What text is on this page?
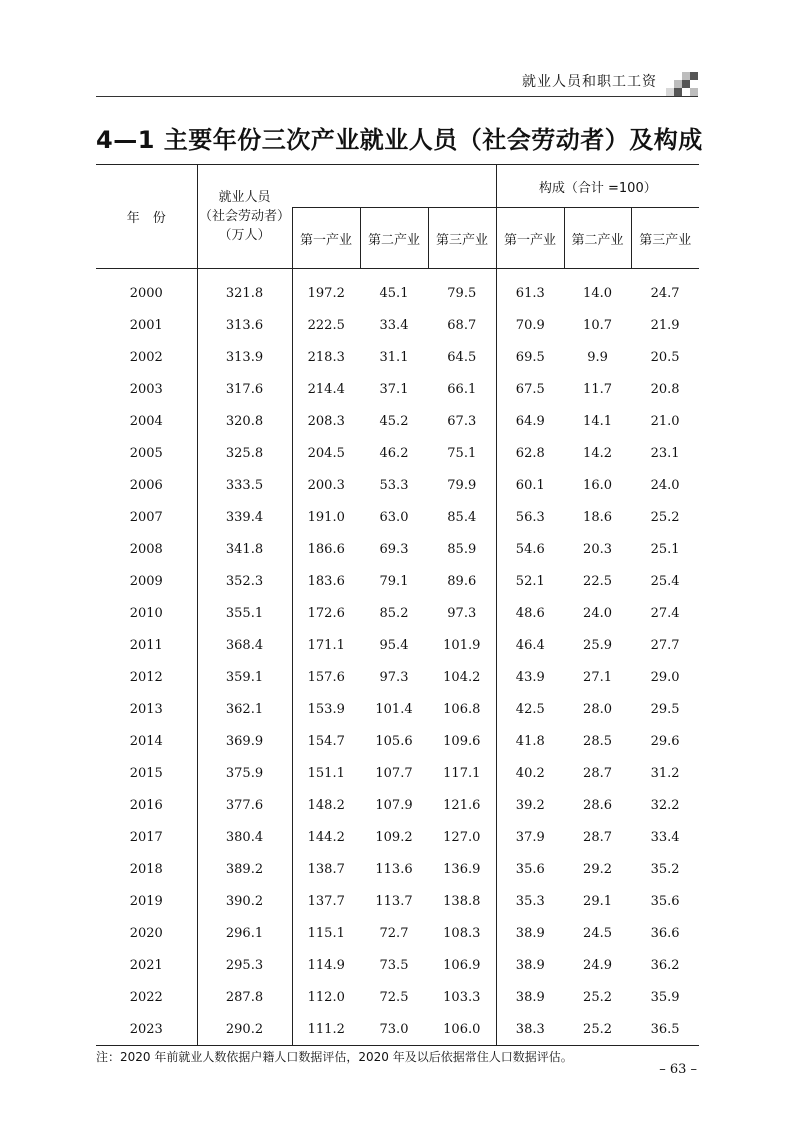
就业人员和职工工资
4—1 主要年份三次产业就业人员（社会劳动者）及构成
年　份	就业人员
（社会劳动者）
（万人）				构成（合计 =100）		
		第一产业	第二产业	第三产业	第一产业	第二产业	第三产业
2000	321.8	197.2	45.1	79.5	61.3	14.0	24.7
2001	313.6	222.5	33.4	68.7	70.9	10.7	21.9
2002	313.9	218.3	31.1	64.5	69.5	9.9	20.5
2003	317.6	214.4	37.1	66.1	67.5	11.7	20.8
2004	320.8	208.3	45.2	67.3	64.9	14.1	21.0
2005	325.8	204.5	46.2	75.1	62.8	14.2	23.1
2006	333.5	200.3	53.3	79.9	60.1	16.0	24.0
2007	339.4	191.0	63.0	85.4	56.3	18.6	25.2
2008	341.8	186.6	69.3	85.9	54.6	20.3	25.1
2009	352.3	183.6	79.1	89.6	52.1	22.5	25.4
2010	355.1	172.6	85.2	97.3	48.6	24.0	27.4
2011	368.4	171.1	95.4	101.9	46.4	25.9	27.7
2012	359.1	157.6	97.3	104.2	43.9	27.1	29.0
2013	362.1	153.9	101.4	106.8	42.5	28.0	29.5
2014	369.9	154.7	105.6	109.6	41.8	28.5	29.6
2015	375.9	151.1	107.7	117.1	40.2	28.7	31.2
2016	377.6	148.2	107.9	121.6	39.2	28.6	32.2
2017	380.4	144.2	109.2	127.0	37.9	28.7	33.4
2018	389.2	138.7	113.6	136.9	35.6	29.2	35.2
2019	390.2	137.7	113.7	138.8	35.3	29.1	35.6
2020	296.1	115.1	72.7	108.3	38.9	24.5	36.6
2021	295.3	114.9	73.5	106.9	38.9	24.9	36.2
2022	287.8	112.0	72.5	103.3	38.9	25.2	35.9
2023	290.2	111.2	73.0	106.0	38.3	25.2	36.5
注：2020 年前就业人数依据户籍人口数据评估，2020 年及以后依据常住人口数据评估。
– 63 –
